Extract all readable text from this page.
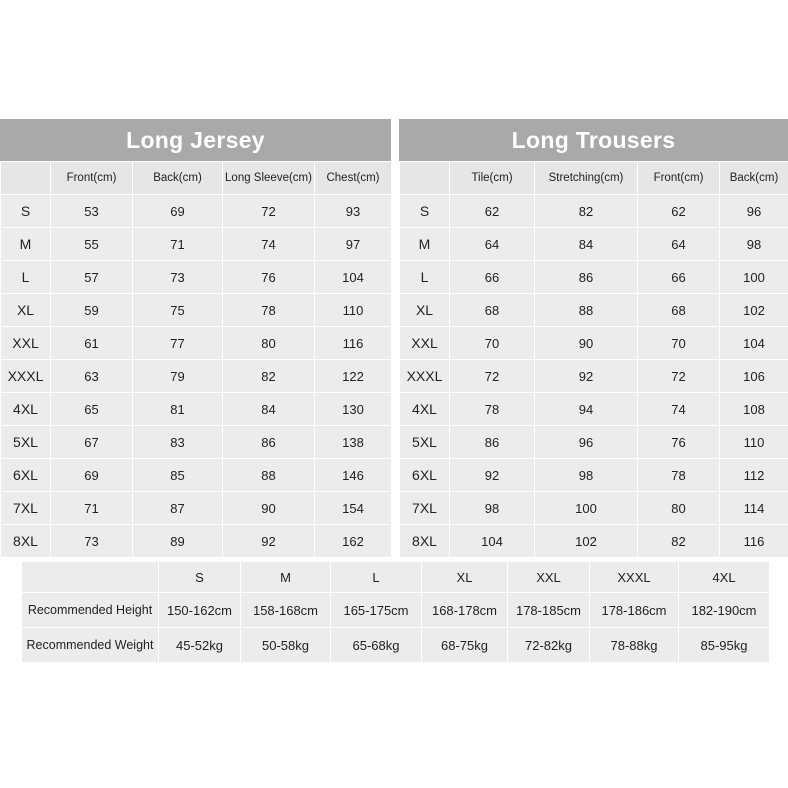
Long Jersey
	Front(cm)	Back(cm)	Long Sleeve(cm)	Chest(cm)
S	53	69	72	93
M	55	71	74	97
L	57	73	76	104
XL	59	75	78	110
XXL	61	77	80	116
XXXL	63	79	82	122
4XL	65	81	84	130
5XL	67	83	86	138
6XL	69	85	88	146
7XL	71	87	90	154
8XL	73	89	92	162
Long Trousers
	Tile(cm)	Stretching(cm)	Front(cm)	Back(cm)
S	62	82	62	96
M	64	84	64	98
L	66	86	66	100
XL	68	88	68	102
XXL	70	90	70	104
XXXL	72	92	72	106
4XL	78	94	74	108
5XL	86	96	76	110
6XL	92	98	78	112
7XL	98	100	80	114
8XL	104	102	82	116
	S	M	L	XL	XXL	XXXL	4XL
Recommended Height	150-162cm	158-168cm	165-175cm	168-178cm	178-185cm	178-186cm	182-190cm
Recommended Weight	45-52kg	50-58kg	65-68kg	68-75kg	72-82kg	78-88kg	85-95kg
